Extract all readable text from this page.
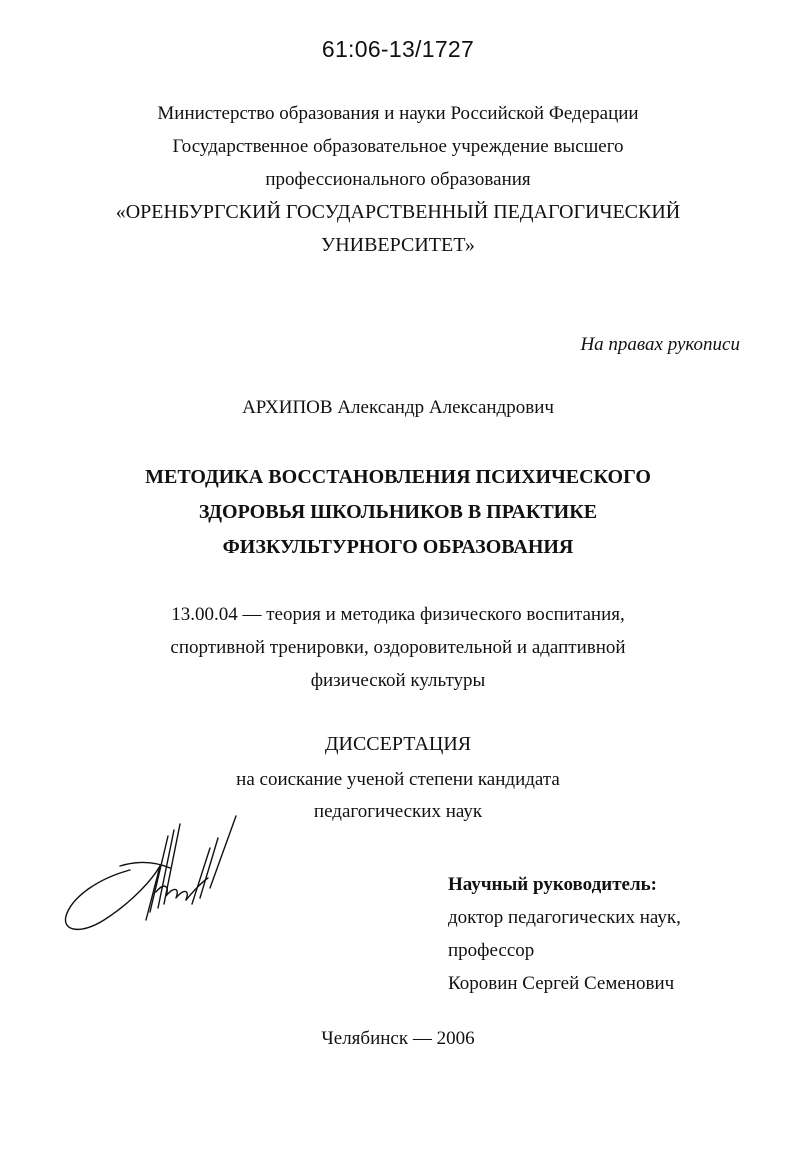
61:06-13/1727
Министерство образования и науки Российской Федерации
Государственное образовательное учреждение высшего
профессионального образования
«ОРЕНБУРГСКИЙ ГОСУДАРСТВЕННЫЙ ПЕДАГОГИЧЕСКИЙ
УНИВЕРСИТЕТ»
На правах рукописи
АРХИПОВ Александр Александрович
МЕТОДИКА ВОССТАНОВЛЕНИЯ ПСИХИЧЕСКОГО
ЗДОРОВЬЯ ШКОЛЬНИКОВ В ПРАКТИКЕ
ФИЗКУЛЬТУРНОГО ОБРАЗОВАНИЯ
13.00.04 — теория и методика физического воспитания,
спортивной тренировки, оздоровительной и адаптивной
физической культуры
ДИССЕРТАЦИЯ
на соискание ученой степени кандидата
педагогических наук
Научный руководитель:
доктор педагогических наук,
профессор
Коровин Сергей Семенович
Челябинск — 2006
